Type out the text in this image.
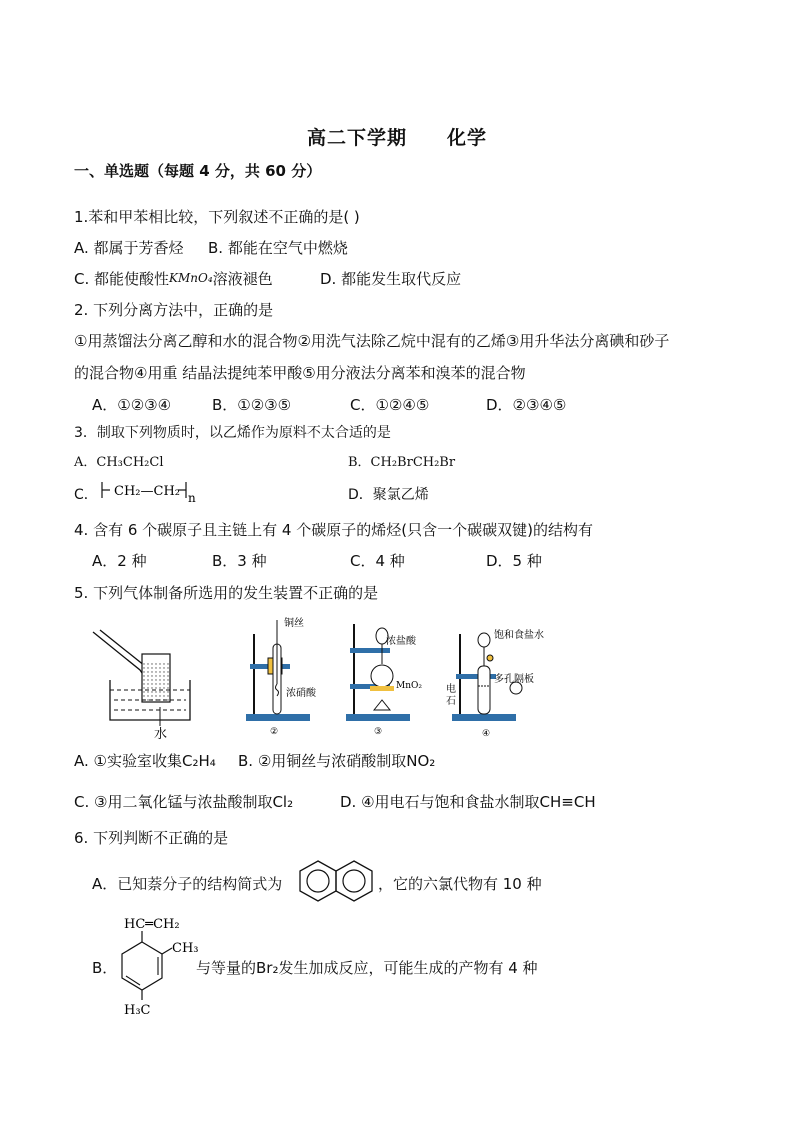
高二下学期　　化学
一、单选题（每题 4 分，共 60 分）
1.苯和甲苯相比较，下列叙述不正确的是( )
A. 都属于芳香烃 B. 都能在空气中燃烧
C. 都能使酸性KMnO₄溶液褪色	D. 都能发生取代反应
2. 下列分离方法中，正确的是
①用蒸馏法分离乙醇和水的混合物②用洗气法除乙烷中混有的乙烯③用升华法分离碘和砂子
的混合物④用重 结晶法提纯苯甲酸⑤用分液法分离苯和溴苯的混合物
A．①②③④	B．①②③⑤	C．①②④⑤	D．②③④⑤
3．制取下列物质时，以乙烯作为原料不太合适的是
A．CH₃CH₂Cl	B．CH₂BrCH₂Br
C． CH₂—CH₂ n	D．聚氯乙烯
4. 含有 6 个碳原子且主链上有 4 个碳原子的烯烃(只含一个碳碳双键)的结构有
A．2 种	B．3 种	C．4 种	D．5 种
5. 下列气体制备所选用的发生装置不正确的是
水
铜丝
浓硝酸
②
浓盐酸
MnO₂
③
饱和食盐水
多孔隔板
电
石
④
A. ①实验室收集C₂H₄ B. ②用铜丝与浓硝酸制取NO₂
C. ③用二氧化锰与浓盐酸制取Cl₂	D. ④用电石与饱和食盐水制取CH≡CH
6. 下列判断不正确的是
A．已知萘分子的结构简式为	，它的六氯代物有 10 种
B．
HC═CH₂
CH₃
H₃C
与等量的Br₂发生加成反应，可能生成的产物有 4 种
